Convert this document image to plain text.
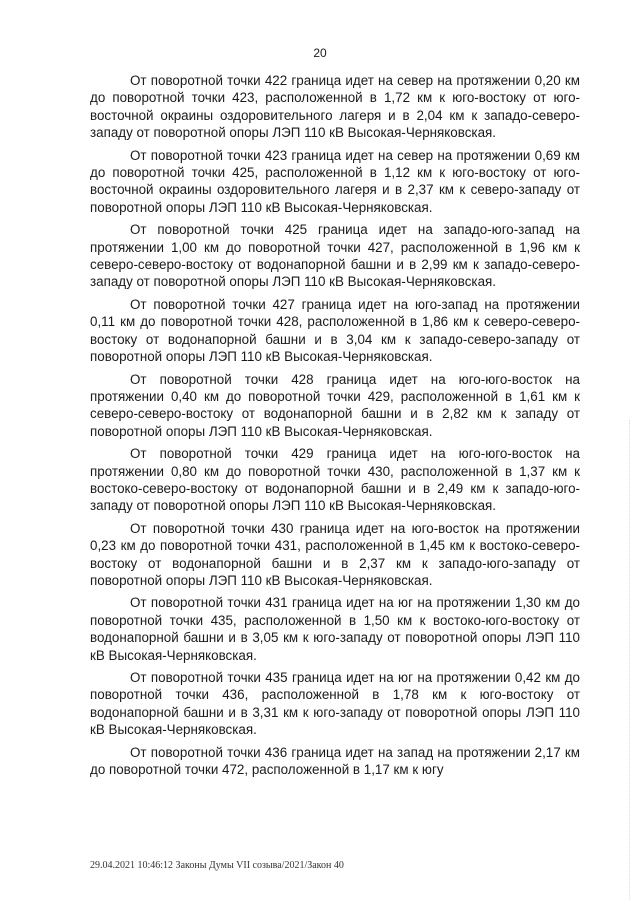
20

От поворотной точки 422 граница идет на север на протяжении 0,20 км до поворотной точки 423, расположенной в 1,72 км к юго-востоку от юго-восточной окраины оздоровительного лагеря и в 2,04 км к западо-северо-западу от поворотной опоры ЛЭП 110 кВ Высокая-Черняковская.

От поворотной точки 423 граница идет на север на протяжении 0,69 км до поворотной точки 425, расположенной в 1,12 км к юго-востоку от юго-восточной окраины оздоровительного лагеря и в 2,37 км к северо-западу от поворотной опоры ЛЭП 110 кВ Высокая-Черняковская.

От поворотной точки 425 граница идет на западо-юго-запад на протяжении 1,00 км до поворотной точки 427, расположенной в 1,96 км к северо-северо-востоку от водонапорной башни и в 2,99 км к западо-северо-западу от поворотной опоры ЛЭП 110 кВ Высокая-Черняковская.

От поворотной точки 427 граница идет на юго-запад на протяжении 0,11 км до поворотной точки 428, расположенной в 1,86 км к северо-северо-востоку от водонапорной башни и в 3,04 км к западо-северо-западу от поворотной опоры ЛЭП 110 кВ Высокая-Черняковская.

От поворотной точки 428 граница идет на юго-юго-восток на протяжении 0,40 км до поворотной точки 429, расположенной в 1,61 км к северо-северо-востоку от водонапорной башни и в 2,82 км к западу от поворотной опоры ЛЭП 110 кВ Высокая-Черняковская.

От поворотной точки 429 граница идет на юго-юго-восток на протяжении 0,80 км до поворотной точки 430, расположенной в 1,37 км к востоко-северо-востоку от водонапорной башни и в 2,49 км к западо-юго-западу от поворотной опоры ЛЭП 110 кВ Высокая-Черняковская.

От поворотной точки 430 граница идет на юго-восток на протяжении 0,23 км до поворотной точки 431, расположенной в 1,45 км к востоко-северо-востоку от водонапорной башни и в 2,37 км к западо-юго-западу от поворотной опоры ЛЭП 110 кВ Высокая-Черняковская.

От поворотной точки 431 граница идет на юг на протяжении 1,30 км до поворотной точки 435, расположенной в 1,50 км к востоко-юго-востоку от водонапорной башни и в 3,05 км к юго-западу от поворотной опоры ЛЭП 110 кВ Высокая-Черняковская.

От поворотной точки 435 граница идет на юг на протяжении 0,42 км до поворотной точки 436, расположенной в 1,78 км к юго-востоку от водонапорной башни и в 3,31 км к юго-западу от поворотной опоры ЛЭП 110 кВ Высокая-Черняковская.

От поворотной точки 436 граница идет на запад на протяжении 2,17 км до поворотной точки 472, расположенной в 1,17 км к югу

29.04.2021 10:46:12 Законы Думы VII созыва/2021/Закон 40
